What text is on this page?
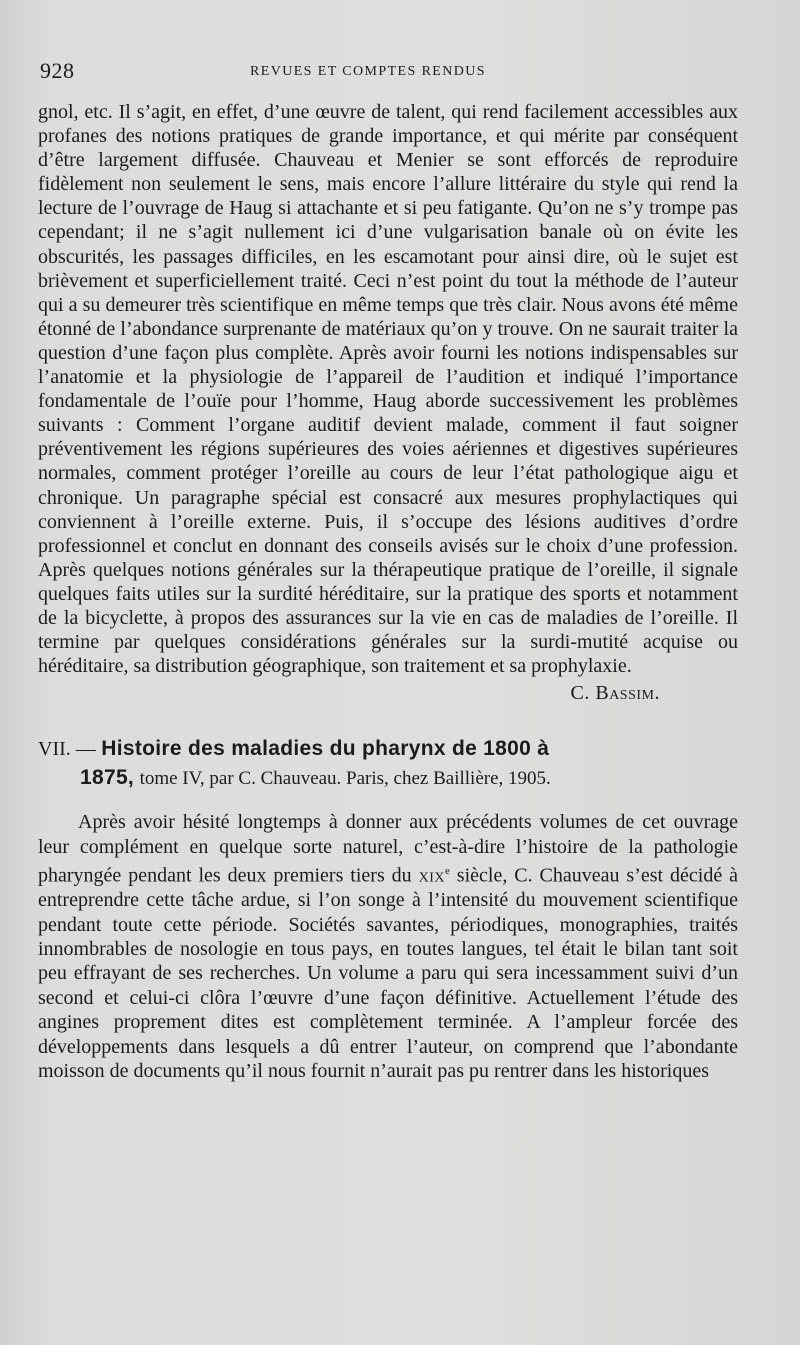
928	REVUES ET COMPTES RENDUS

gnol, etc. Il s’agit, en effet, d’une œuvre de talent, qui rend facilement accessibles aux profanes des notions pratiques de grande importance, et qui mérite par conséquent d’être largement diffusée. Chauveau et Menier se sont efforcés de reproduire fidèlement non seulement le sens, mais encore l’allure littéraire du style qui rend la lecture de l’ouvrage de Haug si attachante et si peu fatigante. Qu’on ne s’y trompe pas cependant; il ne s’agit nullement ici d’une vulgarisation banale où on évite les obscurités, les passages difficiles, en les escamotant pour ainsi dire, où le sujet est brièvement et superficiellement traité. Ceci n’est point du tout la méthode de l’auteur qui a su demeurer très scientifique en même temps que très clair. Nous avons été même étonné de l’abondance surprenante de matériaux qu’on y trouve. On ne saurait traiter la question d’une façon plus complète. Après avoir fourni les notions indispensables sur l’anatomie et la physiologie de l’appareil de l’audition et indiqué l’importance fondamentale de l’ouïe pour l’homme, Haug aborde successivement les problèmes suivants : Comment l’organe auditif devient malade, comment il faut soigner préventivement les régions supérieures des voies aériennes et digestives supérieures normales, comment protéger l’oreille au cours de leur l’état pathologique aigu et chronique. Un paragraphe spécial est consacré aux mesures prophylactiques qui conviennent à l’oreille externe. Puis, il s’occupe des lésions auditives d’ordre professionnel et conclut en donnant des conseils avisés sur le choix d’une profession. Après quelques notions générales sur la thérapeutique pratique de l’oreille, il signale quelques faits utiles sur la surdité héréditaire, sur la pratique des sports et notamment de la bicyclette, à propos des assurances sur la vie en cas de maladies de l’oreille. Il termine par quelques considérations générales sur la surdi-mutité acquise ou héréditaire, sa distribution géographique, son traitement et sa prophylaxie.

C. Bassim.
VII. — Histoire des maladies du pharynx de 1800 à
1875, tome IV, par C. Chauveau. Paris, chez Baillière, 1905.

Après avoir hésité longtemps à donner aux précédents volumes de cet ouvrage leur complément en quelque sorte naturel, c’est-à-dire l’histoire de la pathologie pharyngée pendant les deux premiers tiers du xix$^e$ siècle, C. Chauveau s’est décidé à entreprendre cette tâche ardue, si l’on songe à l’intensité du mouvement scientifique pendant toute cette période. Sociétés savantes, périodiques, monographies, traités innombrables de nosologie en tous pays, en toutes langues, tel était le bilan tant soit peu effrayant de ses recherches. Un volume a paru qui sera incessamment suivi d’un second et celui-ci clôra l’œuvre d’une façon définitive. Actuellement l’étude des angines proprement dites est complètement terminée. A l’ampleur forcée des développements dans lesquels a dû entrer l’auteur, on comprend que l’abondante moisson de documents qu’il nous fournit n’aurait pas pu rentrer dans les historiques
